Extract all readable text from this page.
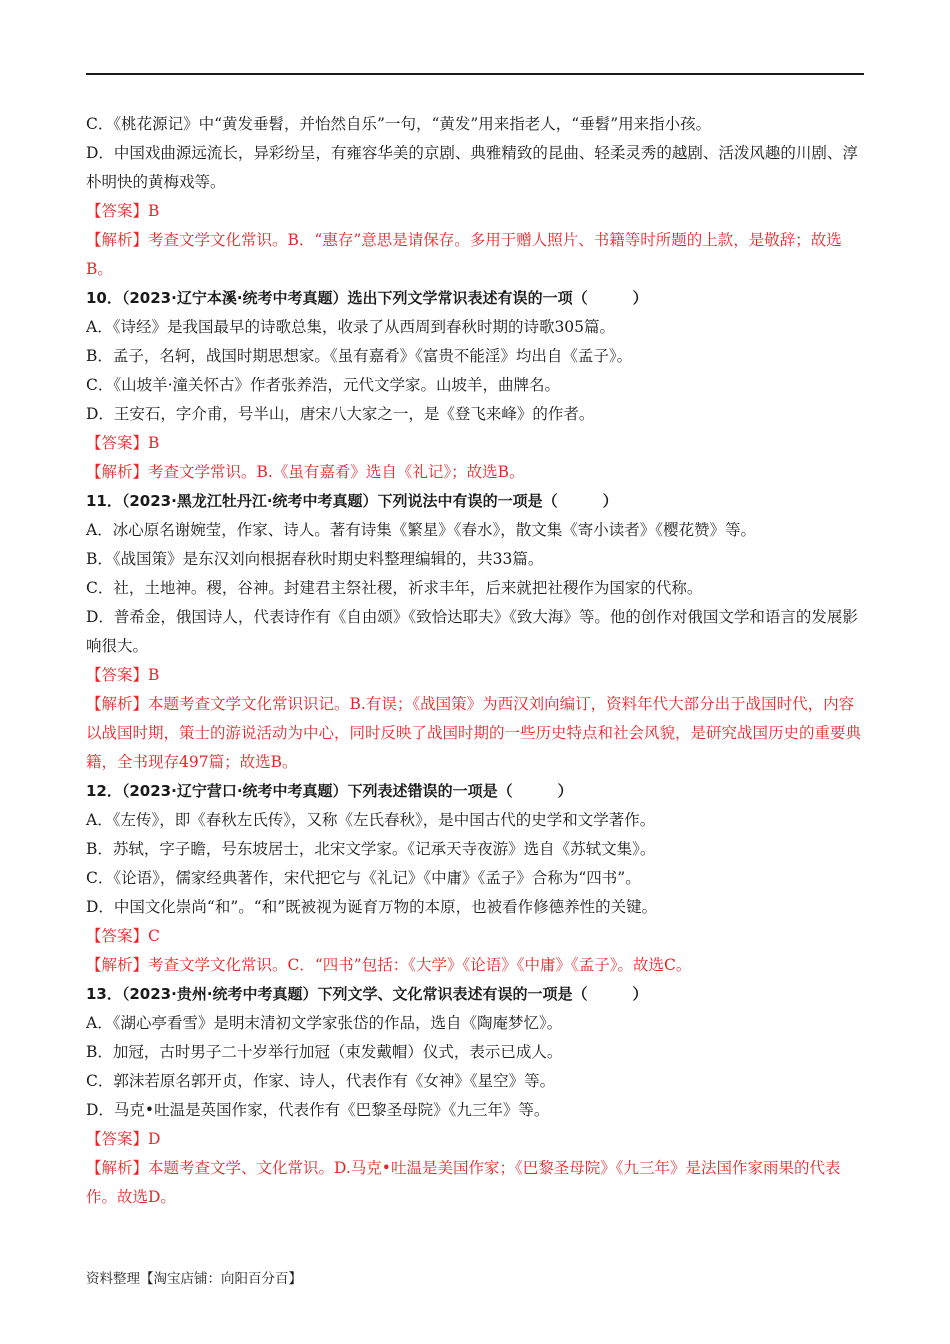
C．《桃花源记》中“黄发垂髫，并怡然自乐”一句，“黄发”用来指老人，“垂髫”用来指小孩。
D．中国戏曲源远流长，异彩纷呈，有雍容华美的京剧、典雅精致的昆曲、轻柔灵秀的越剧、活泼风趣的川剧、淳朴明快的黄梅戏等。
【答案】B
【解析】考查文学文化常识。B．“惠存”意思是请保存。多用于赠人照片、书籍等时所题的上款，是敬辞；故选B。
10．（2023·辽宁本溪·统考中考真题）选出下列文学常识表述有误的一项（　　　）
A．《诗经》是我国最早的诗歌总集，收录了从西周到春秋时期的诗歌305篇。
B．孟子，名轲，战国时期思想家。《虽有嘉肴》《富贵不能淫》均出自《孟子》。
C．《山坡羊·潼关怀古》作者张养浩，元代文学家。山坡羊，曲牌名。
D．王安石，字介甫，号半山，唐宋八大家之一，是《登飞来峰》的作者。
【答案】B
【解析】考查文学常识。B.《虽有嘉肴》选自《礼记》；故选B。
11．（2023·黑龙江牡丹江·统考中考真题）下列说法中有误的一项是（　　　）
A．冰心原名谢婉莹，作家、诗人。著有诗集《繁星》《春水》，散文集《寄小读者》《樱花赞》等。
B．《战国策》是东汉刘向根据春秋时期史料整理编辑的，共33篇。
C．社，土地神。稷，谷神。封建君主祭社稷，祈求丰年，后来就把社稷作为国家的代称。
D．普希金，俄国诗人，代表诗作有《自由颂》《致恰达耶夫》《致大海》等。他的创作对俄国文学和语言的发展影响很大。
【答案】B
【解析】本题考查文学文化常识识记。B.有误；《战国策》为西汉刘向编订，资料年代大部分出于战国时代，内容以战国时期，策士的游说活动为中心，同时反映了战国时期的一些历史特点和社会风貌，是研究战国历史的重要典籍，全书现存497篇；故选B。
12．（2023·辽宁营口·统考中考真题）下列表述错误的一项是（　　　）
A．《左传》，即《春秋左氏传》，又称《左氏春秋》，是中国古代的史学和文学著作。
B．苏轼，字子瞻，号东坡居士，北宋文学家。《记承天寺夜游》选自《苏轼文集》。
C．《论语》，儒家经典著作，宋代把它与《礼记》《中庸》《孟子》合称为“四书”。
D．中国文化崇尚“和”。“和”既被视为诞育万物的本原，也被看作修德养性的关键。
【答案】C
【解析】考查文学文化常识。C．“四书”包括：《大学》《论语》《中庸》《孟子》。故选C。
13．（2023·贵州·统考中考真题）下列文学、文化常识表述有误的一项是（　　　）
A．《湖心亭看雪》是明末清初文学家张岱的作品，选自《陶庵梦忆》。
B．加冠，古时男子二十岁举行加冠（束发戴帽）仪式，表示已成人。
C．郭沫若原名郭开贞，作家、诗人，代表作有《女神》《星空》等。
D．马克•吐温是英国作家，代表作有《巴黎圣母院》《九三年》等。
【答案】D
【解析】本题考查文学、文化常识。D.马克•吐温是美国作家；《巴黎圣母院》《九三年》是法国作家雨果的代表作。故选D。
资料整理【淘宝店铺：向阳百分百】
